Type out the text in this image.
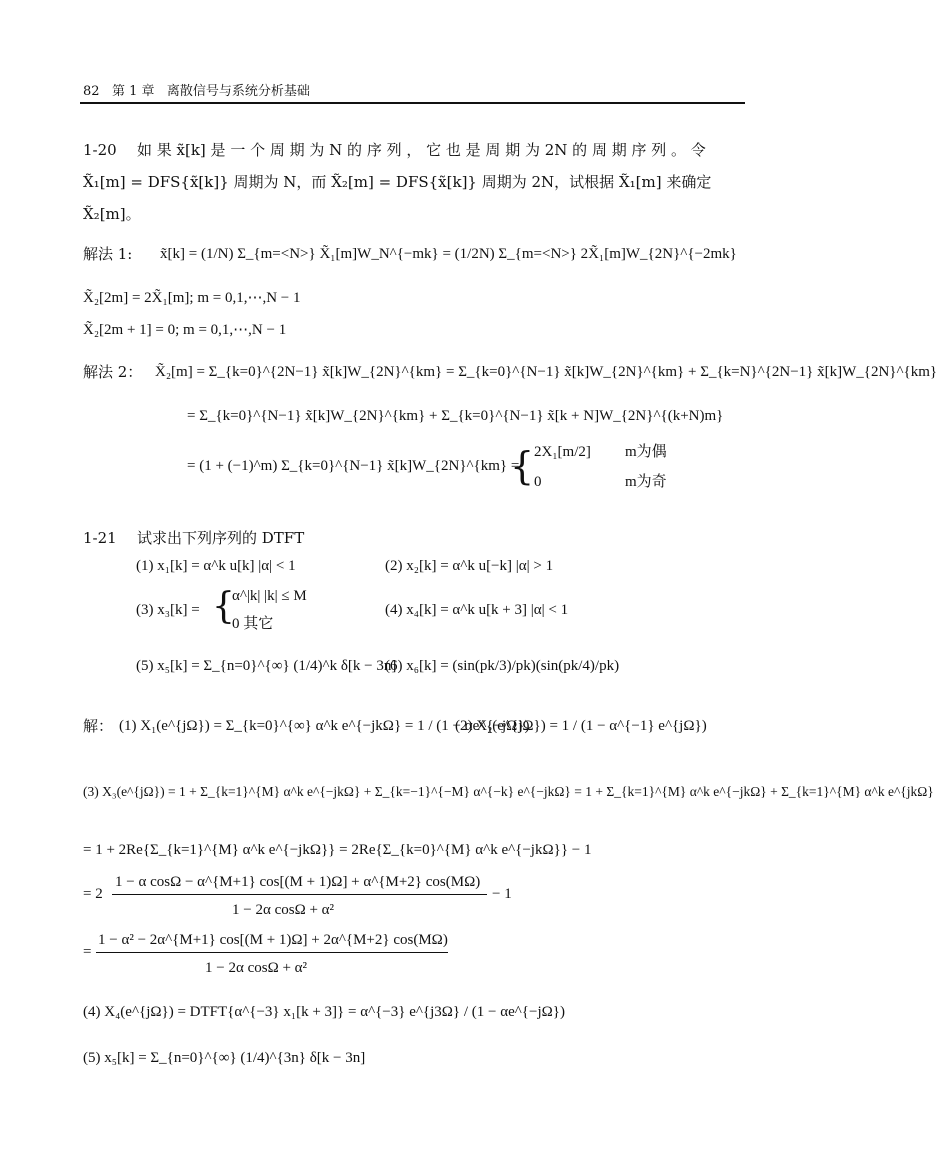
82 第 1 章 离散信号与系统分析基础
1-20 如 果 x̃[k] 是 一 个 周 期 为 N 的 序 列 ， 它 也 是 周 期 为 2N 的 周 期 序 列 。 令
X̃₁[m] = DFS{x̃[k]} 周期为 N，而 X̃₂[m] = DFS{x̃[k]} 周期为 2N，试根据 X̃₁[m] 来确定
X̃₂[m]。
解法 1: x̃[k] = (1/N) Σ_{m=<N>} X̃₁[m]W_N^{−mk} = (1/2N) Σ_{m=<N>} 2X̃₁[m]W_{2N}^{−2mk}
X̃₂[2m] = 2X̃₁[m]; m = 0,1,⋯,N − 1
X̃₂[2m + 1] = 0; m = 0,1,⋯,N − 1
解法 2： X̃₂[m] = Σ_{k=0}^{2N−1} x̃[k]W_{2N}^{km} = Σ_{k=0}^{N−1} x̃[k]W_{2N}^{km} + Σ_{k=N}^{2N−1} x̃[k]W_{2N}^{km}
= Σ_{k=0}^{N−1} x̃[k]W_{2N}^{km} + Σ_{k=0}^{N−1} x̃[k + N]W_{2N}^{(k+N)m}
= (1 + (−1)^m) Σ_{k=0}^{N−1} x̃[k]W_{2N}^{km} =
{ 2X₁[m/2] m为偶
0	m为奇
1-21 试求出下列序列的 DTFT
(1) x₁[k] = α^k u[k] |α| < 1	(2) x₂[k] = α^k u[−k] |α| > 1
(3) x₃[k] = {
α^|k| |k| ≤ M
0 其它
(4) x₄[k] = α^k u[k + 3] |α| < 1
(5) x₅[k] = Σ_{n=0}^{∞} (1/4)^k δ[k − 3n]
(6) x₆[k] = (sin(pk/3)/pk)(sin(pk/4)/pk)
解： (1) X₁(e^{jΩ}) = Σ_{k=0}^{∞} α^k e^{−jkΩ} = 1 / (1 − αe^{−jΩ})
(2) X₂(e^{jΩ}) = 1 / (1 − α^{−1} e^{jΩ})
(3) X₃(e^{jΩ}) = 1 + Σ_{k=1}^{M} α^k e^{−jkΩ} + Σ_{k=−1}^{−M} α^{−k} e^{−jkΩ} = 1 + Σ_{k=1}^{M} α^k e^{−jkΩ} + Σ_{k=1}^{M} α^k e^{jkΩ}
= 1 + 2Re{Σ_{k=1}^{M} α^k e^{−jkΩ}} = 2Re{Σ_{k=0}^{M} α^k e^{−jkΩ}} − 1
= 2
1 − α cosΩ − α^{M+1} cos[(M + 1)Ω] + α^{M+2} cos(MΩ)
1 − 2α cosΩ + α²
− 1
=
1 − α² − 2α^{M+1} cos[(M + 1)Ω] + 2α^{M+2} cos(MΩ)
1 − 2α cosΩ + α²
(4) X₄(e^{jΩ}) = DTFT{α^{−3} x₁[k + 3]} = α^{−3} e^{j3Ω} / (1 − αe^{−jΩ})
(5) x₅[k] = Σ_{n=0}^{∞} (1/4)^{3n} δ[k − 3n]
